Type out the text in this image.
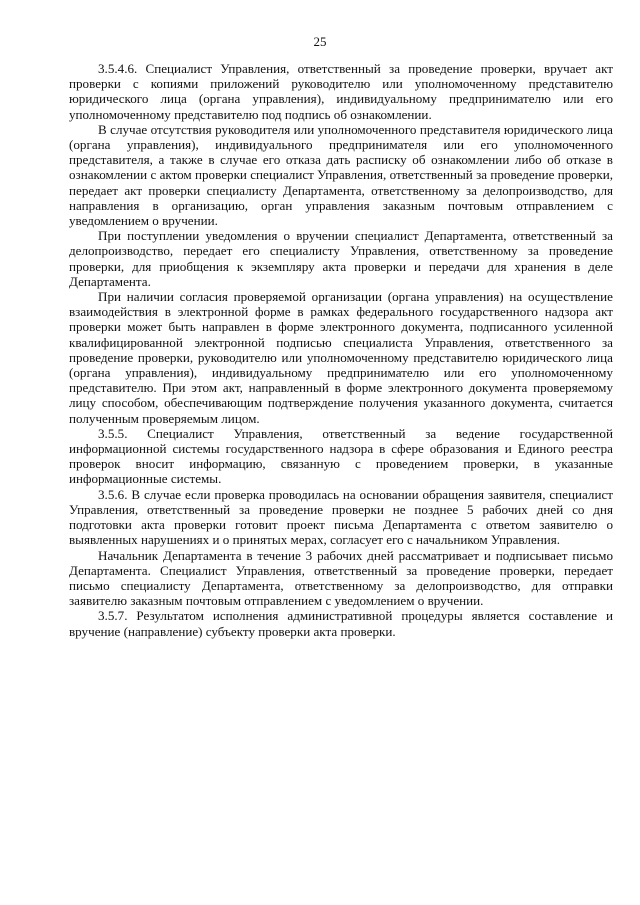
25

3.5.4.6. Специалист Управления, ответственный за проведение проверки, вручает акт проверки с копиями приложений руководителю или уполномоченному представителю юридического лица (органа управления), индивидуальному предпринимателю или его уполномоченному представителю под подпись об ознакомлении.

В случае отсутствия руководителя или уполномоченного представителя юридического лица (органа управления), индивидуального предпринимателя или его уполномоченного представителя, а также в случае его отказа дать расписку об ознакомлении либо об отказе в ознакомлении с актом проверки специалист Управления, ответственный за проведение проверки, передает акт проверки специалисту Департамента, ответственному за делопроизводство, для направления в организацию, орган управления заказным почтовым отправлением с уведомлением о вручении.

При поступлении уведомления о вручении специалист Департамента, ответственный за делопроизводство, передает его специалисту Управления, ответственному за проведение проверки, для приобщения к экземпляру акта проверки и передачи для хранения в деле Департамента.

При наличии согласия проверяемой организации (органа управления) на осуществление взаимодействия в электронной форме в рамках федерального государственного надзора акт проверки может быть направлен в форме электронного документа, подписанного усиленной квалифицированной электронной подписью специалиста Управления, ответственного за проведение проверки, руководителю или уполномоченному представителю юридического лица (органа управления), индивидуальному предпринимателю или его уполномоченному представителю. При этом акт, направленный в форме электронного документа проверяемому лицу способом, обеспечивающим подтверждение получения указанного документа, считается полученным проверяемым лицом.

3.5.5. Специалист Управления, ответственный за ведение государственной информационной системы государственного надзора в сфере образования и Единого реестра проверок вносит информацию, связанную с проведением проверки, в указанные информационные системы.

3.5.6. В случае если проверка проводилась на основании обращения заявителя, специалист Управления, ответственный за проведение проверки не позднее 5 рабочих дней со дня подготовки акта проверки готовит проект письма Департамента с ответом заявителю о выявленных нарушениях и о принятых мерах, согласует его с начальником Управления.

Начальник Департамента в течение 3 рабочих дней рассматривает и подписывает письмо Департамента. Специалист Управления, ответственный за проведение проверки, передает письмо специалисту Департамента, ответственному за делопроизводство, для отправки заявителю заказным почтовым отправлением с уведомлением о вручении.

3.5.7. Результатом исполнения административной процедуры является составление и вручение (направление) субъекту проверки акта проверки.
